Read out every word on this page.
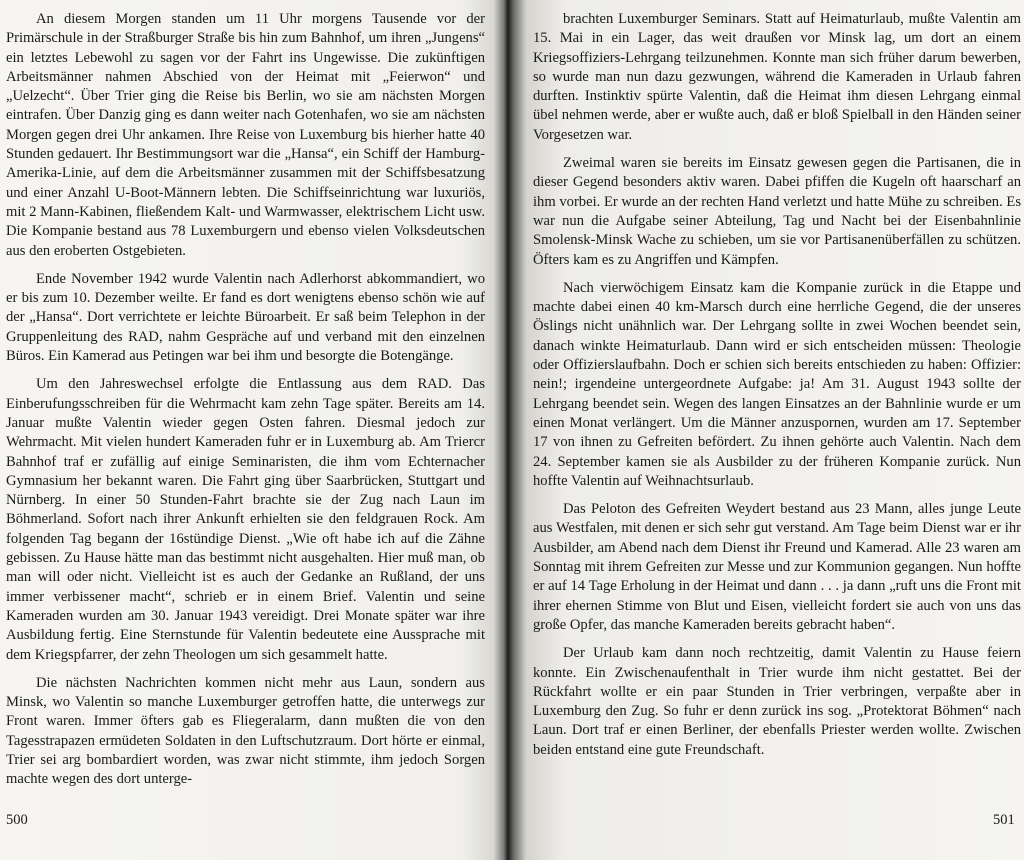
An diesem Morgen standen um 11 Uhr morgens Tausende vor der Primärschule in der Straßburger Straße bis hin zum Bahnhof, um ihren „Jungens“ ein letztes Lebewohl zu sagen vor der Fahrt ins Ungewisse. Die zukünftigen Arbeitsmänner nahmen Abschied von der Heimat mit „Feierwon“ und „Uelzecht“. Über Trier ging die Reise bis Berlin, wo sie am nächsten Morgen eintrafen. Über Danzig ging es dann weiter nach Gotenhafen, wo sie am nächsten Morgen gegen drei Uhr ankamen. Ihre Reise von Luxemburg bis hierher hatte 40 Stunden gedauert. Ihr Bestimmungsort war die „Hansa“, ein Schiff der Hamburg-Amerika-Linie, auf dem die Arbeitsmänner zusammen mit der Schiffsbesatzung und einer Anzahl U-Boot-Männern lebten. Die Schiffseinrichtung war luxuriös, mit 2 Mann-Kabinen, fließendem Kalt- und Warmwasser, elektrischem Licht usw. Die Kompanie bestand aus 78 Luxemburgern und ebenso vielen Volksdeutschen aus den eroberten Ostgebieten.

Ende November 1942 wurde Valentin nach Adlerhorst abkommandiert, wo er bis zum 10. Dezember weilte. Er fand es dort wenigtens ebenso schön wie auf der „Hansa“. Dort verrichtete er leichte Büroarbeit. Er saß beim Telephon in der Gruppenleitung des RAD, nahm Gespräche auf und verband mit den einzelnen Büros. Ein Kamerad aus Petingen war bei ihm und besorgte die Botengänge.

Um den Jahreswechsel erfolgte die Entlassung aus dem RAD. Das Einberufungsschreiben für die Wehrmacht kam zehn Tage später. Bereits am 14. Januar mußte Valentin wieder gegen Osten fahren. Diesmal jedoch zur Wehrmacht. Mit vielen hundert Kameraden fuhr er in Luxemburg ab. Am Triercr Bahnhof traf er zufällig auf einige Seminaristen, die ihm vom Echternacher Gymnasium her bekannt waren. Die Fahrt ging über Saarbrücken, Stuttgart und Nürnberg. In einer 50 Stunden-Fahrt brachte sie der Zug nach Laun im Böhmerland. Sofort nach ihrer Ankunft erhielten sie den feldgrauen Rock. Am folgenden Tag begann der 16stündige Dienst. „Wie oft habe ich auf die Zähne gebissen. Zu Hause hätte man das bestimmt nicht ausgehalten. Hier muß man, ob man will oder nicht. Vielleicht ist es auch der Gedanke an Rußland, der uns immer verbissener macht“, schrieb er in einem Brief. Valentin und seine Kameraden wurden am 30. Januar 1943 vereidigt. Drei Monate später war ihre Ausbildung fertig. Eine Sternstunde für Valentin bedeutete eine Aussprache mit dem Kriegspfarrer, der zehn Theologen um sich gesammelt hatte.

Die nächsten Nachrichten kommen nicht mehr aus Laun, sondern aus Minsk, wo Valentin so manche Luxemburger getroffen hatte, die unterwegs zur Front waren. Immer öfters gab es Fliegeralarm, dann mußten die von den Tagesstrapazen ermüdeten Soldaten in den Luftschutzraum. Dort hörte er einmal, Trier sei arg bombardiert worden, was zwar nicht stimmte, ihm jedoch Sorgen machte wegen des dort unterge-

500

brachten Luxemburger Seminars. Statt auf Heimaturlaub, mußte Valentin am 15. Mai in ein Lager, das weit draußen vor Minsk lag, um dort an einem Kriegsoffiziers-Lehrgang teilzunehmen. Konnte man sich früher darum bewerben, so wurde man nun dazu gezwungen, während die Kameraden in Urlaub fahren durften. Instinktiv spürte Valentin, daß die Heimat ihm diesen Lehrgang einmal übel nehmen werde, aber er wußte auch, daß er bloß Spielball in den Händen seiner Vorgesetzen war.

Zweimal waren sie bereits im Einsatz gewesen gegen die Partisanen, die in dieser Gegend besonders aktiv waren. Dabei pfiffen die Kugeln oft haarscharf an ihm vorbei. Er wurde an der rechten Hand verletzt und hatte Mühe zu schreiben. Es war nun die Aufgabe seiner Abteilung, Tag und Nacht bei der Eisenbahnlinie Smolensk-Minsk Wache zu schieben, um sie vor Partisanenüberfällen zu schützen. Öfters kam es zu Angriffen und Kämpfen.

Nach vierwöchigem Einsatz kam die Kompanie zurück in die Etappe und machte dabei einen 40 km-Marsch durch eine herrliche Gegend, die der unseres Öslings nicht unähnlich war. Der Lehrgang sollte in zwei Wochen beendet sein, danach winkte Heimaturlaub. Dann wird er sich entscheiden müssen: Theologie oder Offizierslaufbahn. Doch er schien sich bereits entschieden zu haben: Offizier: nein!; irgendeine untergeordnete Aufgabe: ja! Am 31. August 1943 sollte der Lehrgang beendet sein. Wegen des langen Einsatzes an der Bahnlinie wurde er um einen Monat verlängert. Um die Männer anzuspornen, wurden am 17. September 17 von ihnen zu Gefreiten befördert. Zu ihnen gehörte auch Valentin. Nach dem 24. September kamen sie als Ausbilder zu der früheren Kompanie zurück. Nun hoffte Valentin auf Weihnachtsurlaub.

Das Peloton des Gefreiten Weydert bestand aus 23 Mann, alles junge Leute aus Westfalen, mit denen er sich sehr gut verstand. Am Tage beim Dienst war er ihr Ausbilder, am Abend nach dem Dienst ihr Freund und Kamerad. Alle 23 waren am Sonntag mit ihrem Gefreiten zur Messe und zur Kommunion gegangen. Nun hoffte er auf 14 Tage Erholung in der Heimat und dann . . . ja dann „ruft uns die Front mit ihrer ehernen Stimme von Blut und Eisen, vielleicht fordert sie auch von uns das große Opfer, das manche Kameraden bereits gebracht haben“.

Der Urlaub kam dann noch rechtzeitig, damit Valentin zu Hause feiern konnte. Ein Zwischenaufenthalt in Trier wurde ihm nicht gestattet. Bei der Rückfahrt wollte er ein paar Stunden in Trier verbringen, verpaßte aber in Luxemburg den Zug. So fuhr er denn zurück ins sog. „Protektorat Böhmen“ nach Laun. Dort traf er einen Berliner, der ebenfalls Priester werden wollte. Zwischen beiden entstand eine gute Freundschaft.

501
